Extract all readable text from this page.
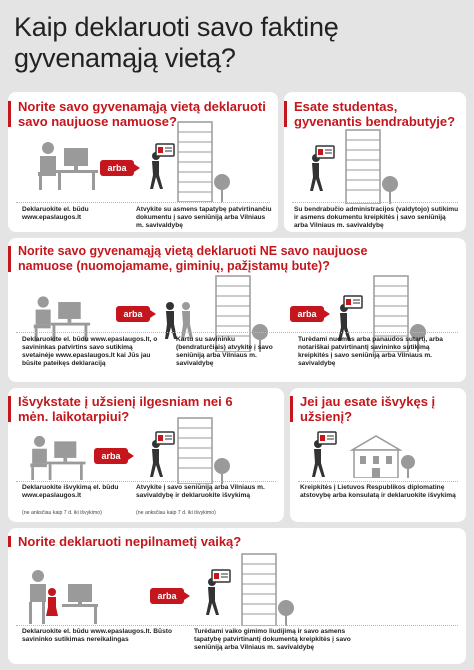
Kaip deklaruoti savo faktinę gyvenamąją vietą?
Norite savo gyvenamąją vietą deklaruoti savo naujuose namuose?
arba
Deklaruokite el. būdu www.epaslaugos.lt
Atvykite su asmens tapatybę patvirtinančiu dokumentu į savo seniūniją arba Vilniaus m. savivaldybę
Esate studentas, gyvenantis bendrabutyje?
Su bendrabučio administracijos (valdytojo) sutikimu ir asmens dokumentu kreipkitės į savo seniūniją arba Vilniaus m. savivaldybę
Norite savo gyvenamąją vietą deklaruoti NE savo naujuose namuose (nuomojamame, giminių, pažįstamų bute)?
arba	arba
Deklaruokite el. būdu www.epaslaugos.lt, o savininkas patvirtins savo sutikimą svetainėje www.epaslaugos.lt kai Jūs jau būsite pateikęs deklaraciją
Kartu su savininku (bendraturčiais) atvykite į savo seniūniją arba Vilniaus m. savivaldybę
Turėdami nuomos arba panaudos sutartį, arba notariškai patvirtinantį savininko sutikimą kreipkitės į savo seniūniją arba Vilniaus m. savivaldybę
Išvykstate į užsienį ilgesniam nei 6 mėn. laikotarpiui?
arba
Deklaruokite išvykimą el. būdu www.epaslaugos.lt
(ne anksčiau kaip 7 d. iki išvykimo)
Atvykite į savo seniūniją arba Vilniaus m. savivaldybę ir deklaruokite išvykimą
(ne anksčiau kaip 7 d. iki išvykimo)
Jei jau esate išvykęs į užsienį?
Kreipkitės į Lietuvos Respublikos diplomatinę atstovybę arba konsulatą ir deklaruokite išvykimą
Norite deklaruoti nepilnametį vaiką?
arba
Deklaruokite el. būdu www.epaslaugos.lt. Būsto savininko sutikimas nereikalingas
Turėdami vaiko gimimo liudijimą ir savo asmens tapatybę patvirtinantį dokumentą kreipkitės į savo seniūniją arba Vilniaus m. savivaldybę
